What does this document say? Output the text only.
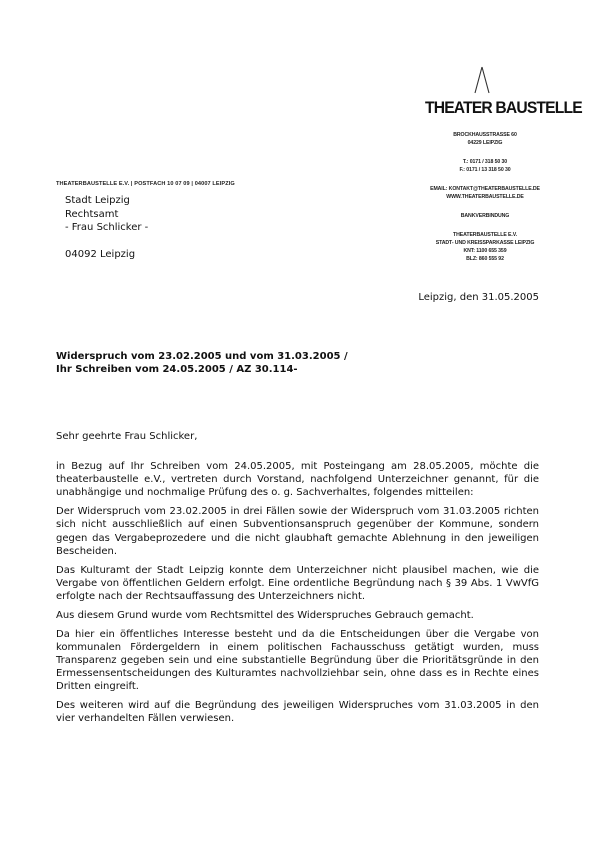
THEATER BAUSTELLE
BROCKHAUSSTRASSE 60
04229 LEIPZIG
T.: 0171 / 318 50 30
F.: 0171 / 13 318 50 30
EMAIL: KONTAKT@THEATERBAUSTELLE.DE
WWW.THEATERBAUSTELLE.DE
BANKVERBINDUNG
THEATERBAUSTELLE E.V.
STADT- UND KREISSPARKASSE LEIPZIG
KNT: 1100 655 359
BLZ: 860 555 92
THEATERBAUSTELLE E.V. | POSTFACH 10 07 09 | 04007 LEIPZIG
Stadt Leipzig
Rechtsamt
- Frau Schlicker -
04092 Leipzig
Leipzig, den 31.05.2005
Widerspruch vom 23.02.2005 und vom 31.03.2005 /
Ihr Schreiben vom 24.05.2005 / AZ 30.114-
Sehr geehrte Frau Schlicker,

in Bezug auf Ihr Schreiben vom 24.05.2005, mit Posteingang am 28.05.2005, möchte die theaterbaustelle e.V., vertreten durch Vorstand, nachfolgend Unterzeichner genannt, für die unabhängige und nochmalige Prüfung des o. g. Sachverhaltes, folgendes mitteilen:

Der Widerspruch vom 23.02.2005 in drei Fällen sowie der Widerspruch vom 31.03.2005 richten sich nicht ausschließlich auf einen Subventionsanspruch gegenüber der Kommune, sondern gegen das Vergabeprozedere und die nicht glaubhaft gemachte Ablehnung in den jeweiligen Bescheiden.

Das Kulturamt der Stadt Leipzig konnte dem Unterzeichner nicht plausibel machen, wie die Vergabe von öffentlichen Geldern erfolgt. Eine ordentliche Begründung nach § 39 Abs. 1 VwVfG erfolgte nach der Rechtsauffassung des Unterzeichners nicht.

Aus diesem Grund wurde vom Rechtsmittel des Widerspruches Gebrauch gemacht.

Da hier ein öffentliches Interesse besteht und da die Entscheidungen über die Vergabe von kommunalen Fördergeldern in einem politischen Fachausschuss getätigt wurden, muss Transparenz gegeben sein und eine substantielle Begründung über die Prioritätsgründe in den Ermessensentscheidungen des Kulturamtes nachvollziehbar sein, ohne dass es in Rechte eines Dritten eingreift.

Des weiteren wird auf die Begründung des jeweiligen Widerspruches vom 31.03.2005 in den vier verhandelten Fällen verwiesen.
